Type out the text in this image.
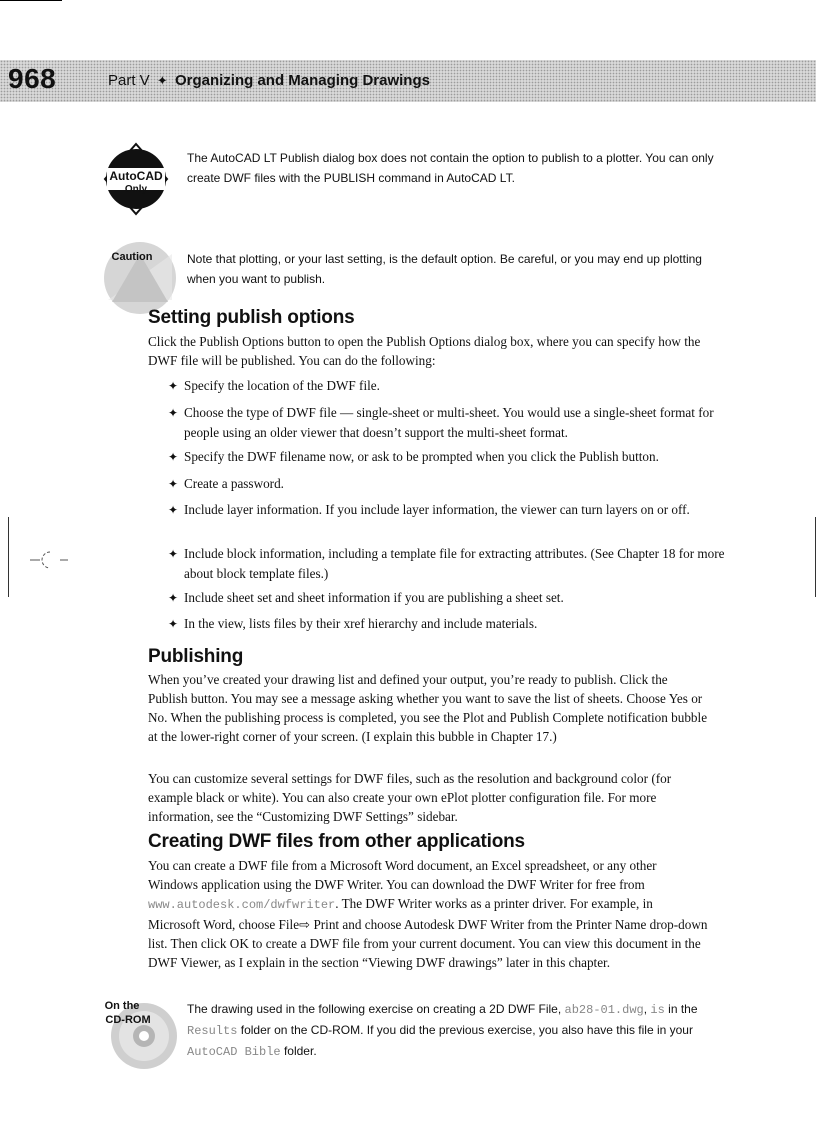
968	Part V ✦ Organizing and Managing Drawings
AutoCAD
Only
The AutoCAD LT Publish dialog box does not contain the option to publish to a plotter. You can only create DWF files with the PUBLISH command in AutoCAD LT.
Caution	Note that plotting, or your last setting, is the default option. Be careful, or you may end up plotting when you want to publish.
Setting publish options

Click the Publish Options button to open the Publish Options dialog box, where you can specify how the DWF file will be published. You can do the following:

✦ Specify the location of the DWF file.

✦ Choose the type of DWF file — single-sheet or multi-sheet. You would use a single-sheet format for people using an older viewer that doesn’t support the multi-sheet format.

✦ Specify the DWF filename now, or ask to be prompted when you click the Publish button.

✦ Create a password.

✦ Include layer information. If you include layer information, the viewer can turn layers on or off.

✦ Include block information, including a template file for extracting attributes. (See Chapter 18 for more about block template files.)

✦ Include sheet set and sheet information if you are publishing a sheet set.

✦ In the view, lists files by their xref hierarchy and include materials.

Publishing

When you’ve created your drawing list and defined your output, you’re ready to publish. Click the Publish button. You may see a message asking whether you want to save the list of sheets. Choose Yes or No. When the publishing process is completed, you see the Plot and Publish Complete notification bubble at the lower-right corner of your screen. (I explain this bubble in Chapter 17.)

You can customize several settings for DWF files, such as the resolution and background color (for example black or white). You can also create your own ePlot plotter configuration file. For more information, see the “Customizing DWF Settings” sidebar.

Creating DWF files from other applications

You can create a DWF file from a Microsoft Word document, an Excel spreadsheet, or any other Windows application using the DWF Writer. You can download the DWF Writer for free from www.autodesk.com/dwfwriter. The DWF Writer works as a printer driver. For example, in Microsoft Word, choose File⇨ Print and choose Autodesk DWF Writer from the Printer Name drop-down list. Then click OK to create a DWF file from your current document. You can view this document in the DWF Viewer, as I explain in the section “Viewing DWF drawings” later in this chapter.

On the
CD-ROM
The drawing used in the following exercise on creating a 2D DWF File, ab28-01.dwg, is in the Results folder on the CD-ROM. If you did the previous exercise, you also have this file in your AutoCAD Bible folder.
